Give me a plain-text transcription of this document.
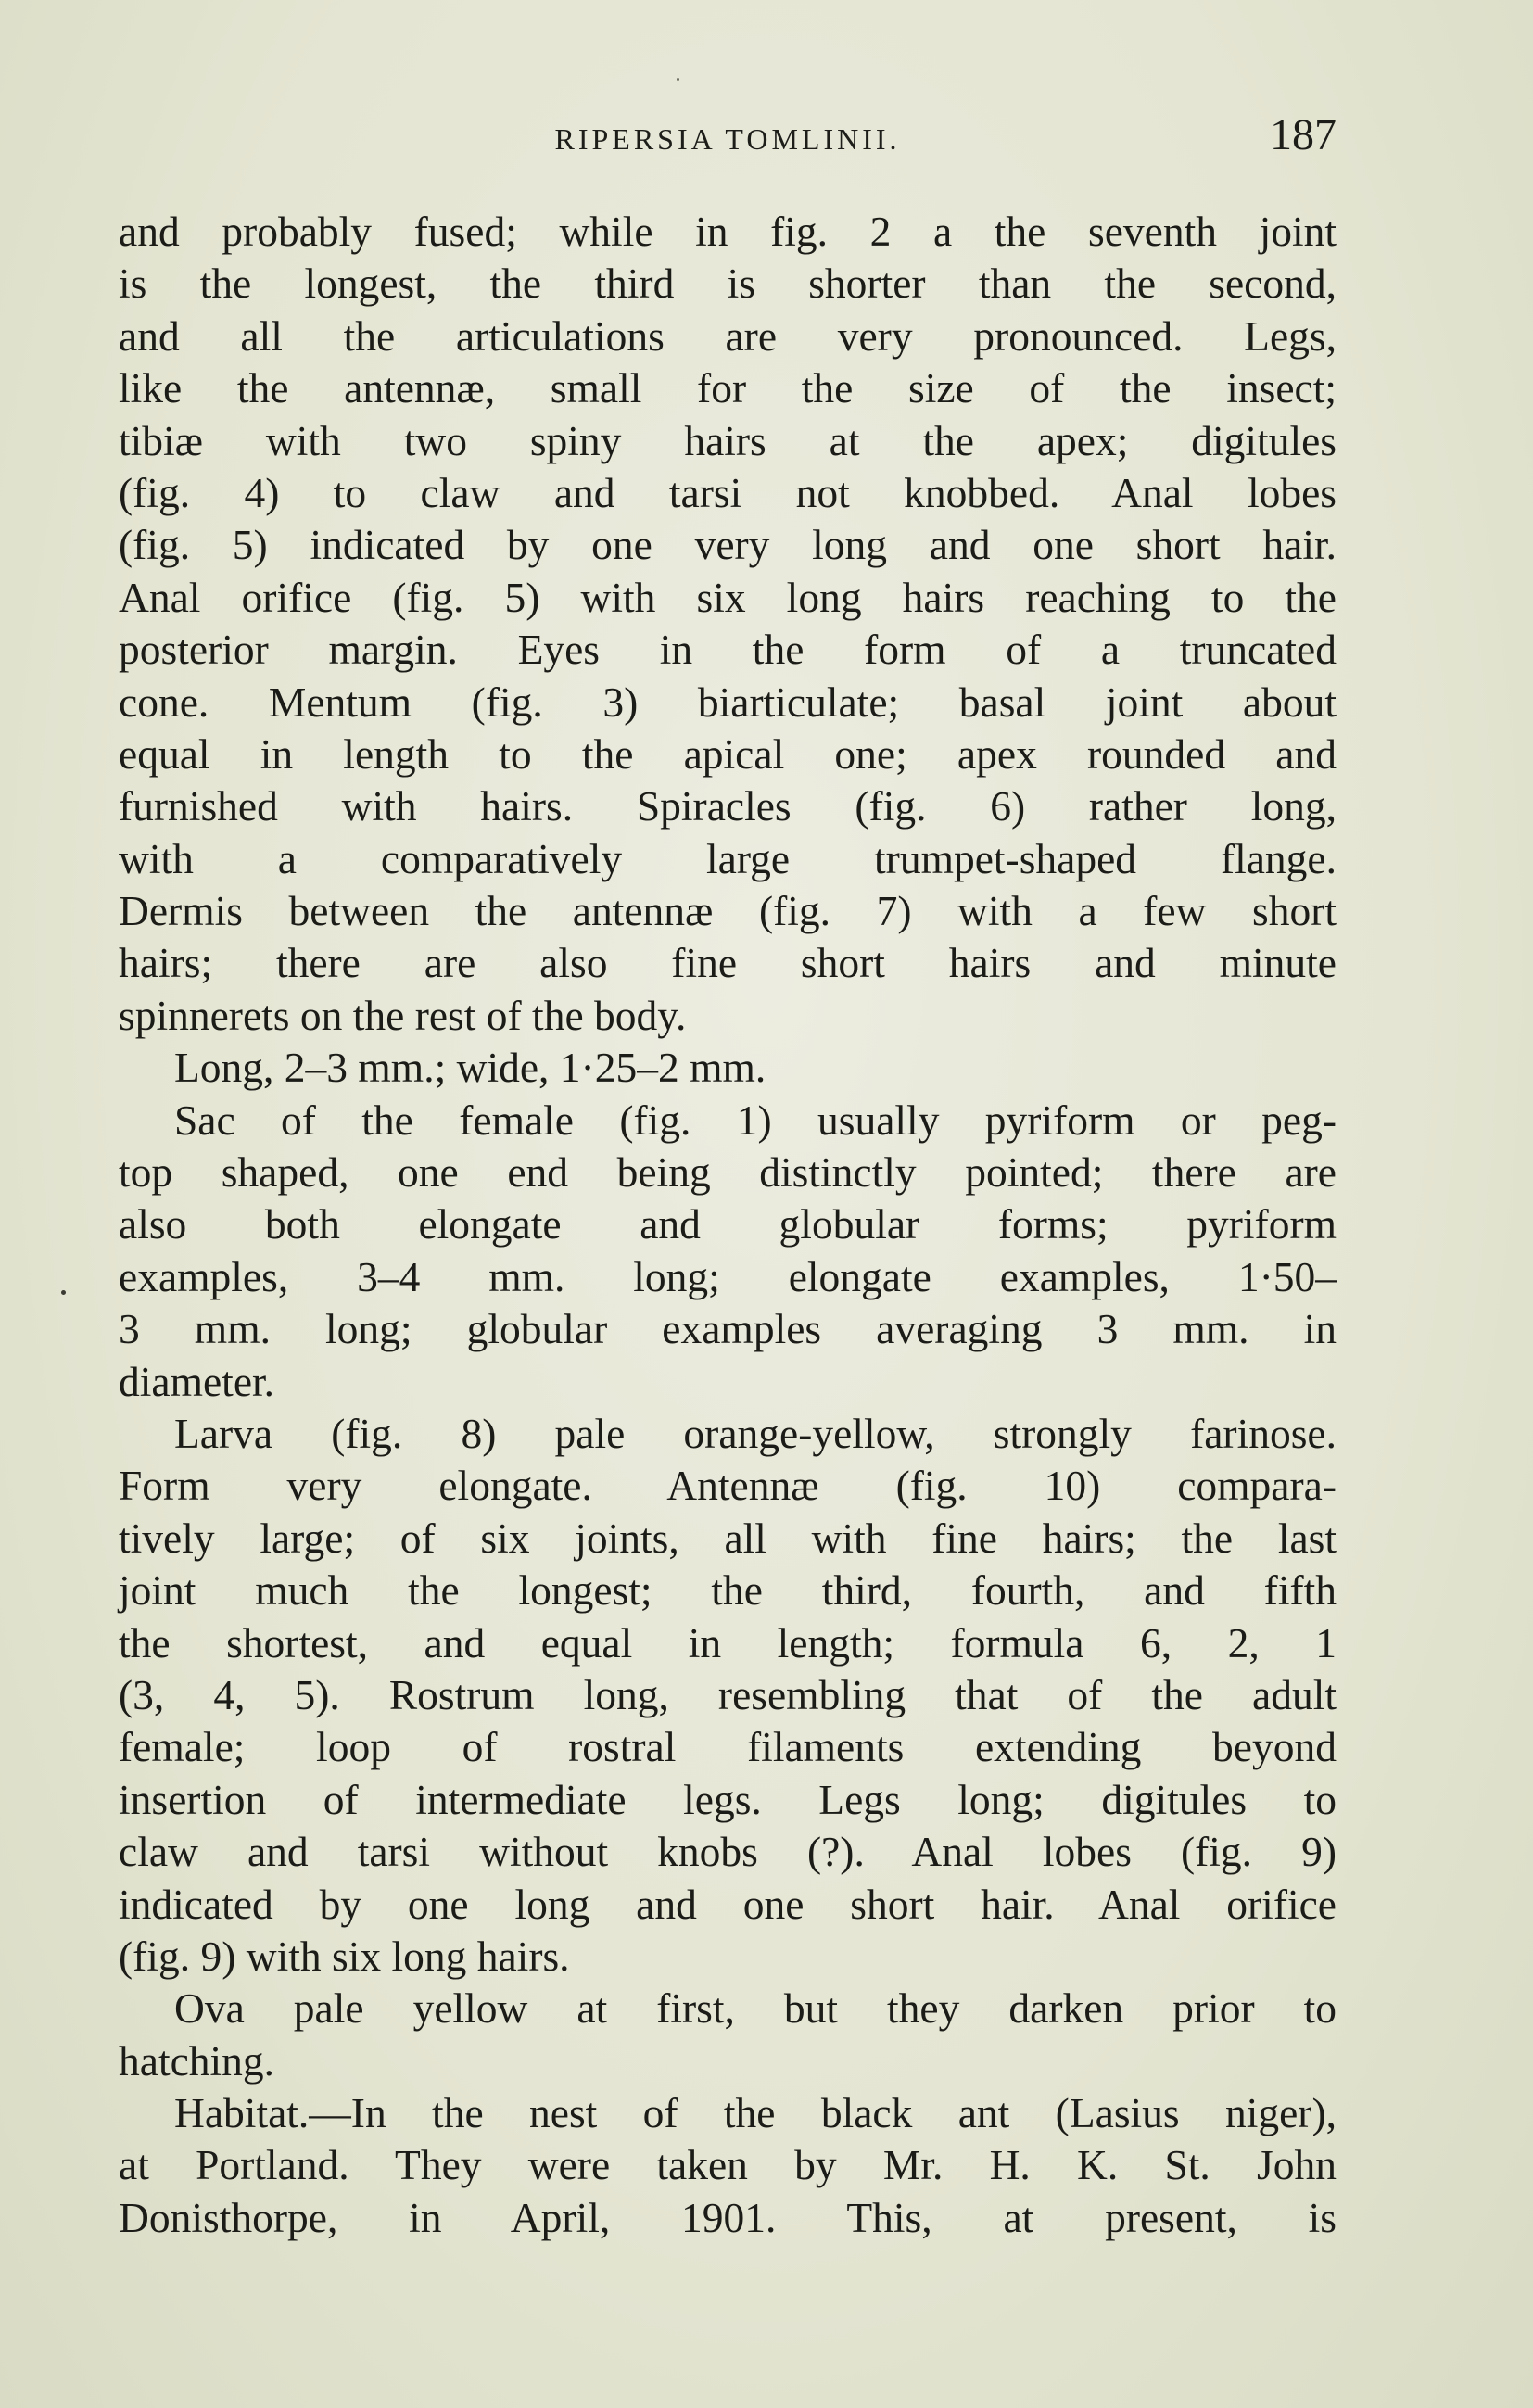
RIPERSIA TOMLINII.	187
and probably fused; while in fig. 2 a the seventh joint
is the longest, the third is shorter than the second,
and all the articulations are very pronounced. Legs,
like the antennæ, small for the size of the insect;
tibiæ with two spiny hairs at the apex; digitules
(fig. 4) to claw and tarsi not knobbed. Anal lobes
(fig. 5) indicated by one very long and one short hair.
Anal orifice (fig. 5) with six long hairs reaching to the
posterior margin. Eyes in the form of a truncated
cone. Mentum (fig. 3) biarticulate; basal joint about
equal in length to the apical one; apex rounded and
furnished with hairs. Spiracles (fig. 6) rather long,
with a comparatively large trumpet-shaped flange.
Dermis between the antennæ (fig. 7) with a few short
hairs; there are also fine short hairs and minute
spinnerets on the rest of the body.
Long, 2–3 mm.; wide, 1·25–2 mm.
Sac of the female (fig. 1) usually pyriform or peg-
top shaped, one end being distinctly pointed; there are
also both elongate and globular forms; pyriform
examples, 3–4 mm. long; elongate examples, 1·50–
3 mm. long; globular examples averaging 3 mm. in
diameter.
Larva (fig. 8) pale orange-yellow, strongly farinose.
Form very elongate. Antennæ (fig. 10) compara-
tively large; of six joints, all with fine hairs; the last
joint much the longest; the third, fourth, and fifth
the shortest, and equal in length; formula 6, 2, 1
(3, 4, 5). Rostrum long, resembling that of the adult
female; loop of rostral filaments extending beyond
insertion of intermediate legs. Legs long; digitules to
claw and tarsi without knobs (?). Anal lobes (fig. 9)
indicated by one long and one short hair. Anal orifice
(fig. 9) with six long hairs.
Ova pale yellow at first, but they darken prior to
hatching.
Habitat.—In the nest of the black ant (Lasius niger),
at Portland. They were taken by Mr. H. K. St. John
Donisthorpe, in April, 1901. This, at present, is
